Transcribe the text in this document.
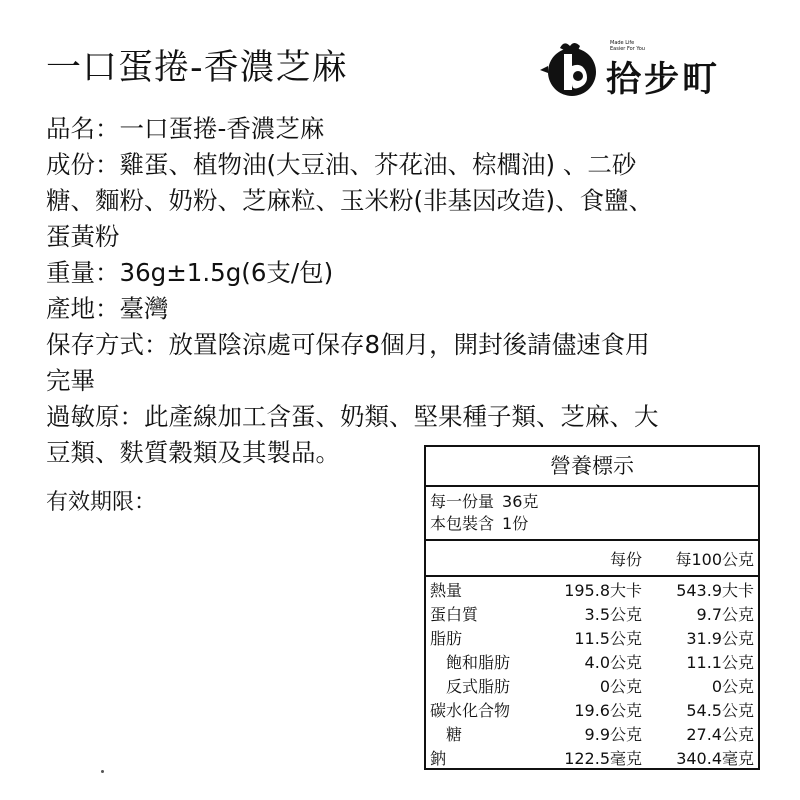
一口蛋捲-香濃芝麻
Made Life
Easier For You
拾步町

品名：一口蛋捲-香濃芝麻

成份：雞蛋、植物油(大豆油、芥花油、棕櫚油) 、二砂

糖、麵粉、奶粉、芝麻粒、玉米粉(非基因改造)、食鹽、

蛋黃粉

重量：36g±1.5g(6支/包)

產地：臺灣

保存方式：放置陰涼處可保存8個月，開封後請儘速食用

完畢

過敏原：此產線加工含蛋、奶類、堅果種子類、芝麻、大

豆類、麩質穀類及其製品。

有效期限：
營養標示
每一份量 36克
本包裝含 1份
每份 每100公克
熱量	195.8大卡 543.9大卡
蛋白質	3.5公克	9.7公克
脂肪	11.5公克	31.9公克
飽和脂肪	4.0公克	11.1公克
反式脂肪	0公克	0公克
碳水化合物	19.6公克	54.5公克
糖	9.9公克	27.4公克
鈉	122.5毫克 340.4毫克
